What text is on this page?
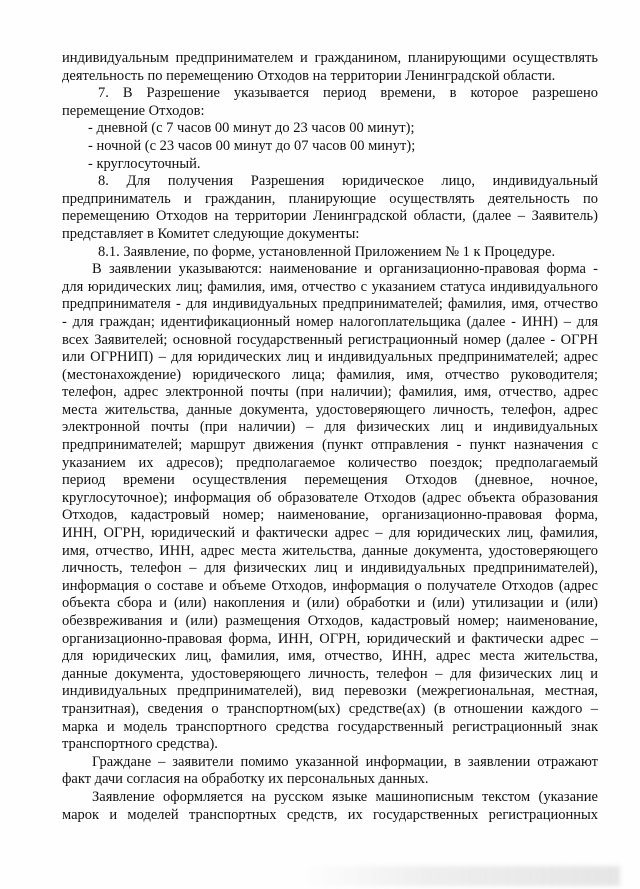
индивидуальным предпринимателем и гражданином, планирующими осуществлять
деятельность по перемещению Отходов на территории Ленинградской области.
7. В Разрешение указывается период времени, в которое разрешено
перемещение Отходов:
- дневной (с 7 часов 00 минут до 23 часов 00 минут);
- ночной (с 23 часов 00 минут до 07 часов 00 минут);
- круглосуточный.
8. Для получения Разрешения юридическое лицо, индивидуальный
предприниматель и гражданин, планирующие осуществлять деятельность по
перемещению Отходов на территории Ленинградской области, (далее – Заявитель)
представляет в Комитет следующие документы:
8.1. Заявление, по форме, установленной Приложением № 1 к Процедуре.
В заявлении указываются: наименование и организационно-правовая форма -
для юридических лиц; фамилия, имя, отчество с указанием статуса индивидуального
предпринимателя - для индивидуальных предпринимателей; фамилия, имя, отчество
- для граждан; идентификационный номер налогоплательщика (далее - ИНН) – для
всех Заявителей; основной государственный регистрационный номер (далее - ОГРН
или ОГРНИП) – для юридических лиц и индивидуальных предпринимателей; адрес
(местонахождение) юридического лица; фамилия, имя, отчество руководителя;
телефон, адрес электронной почты (при наличии); фамилия, имя, отчество, адрес
места жительства, данные документа, удостоверяющего личность, телефон, адрес
электронной почты (при наличии) – для физических лиц и индивидуальных
предпринимателей; маршрут движения (пункт отправления - пункт назначения с
указанием их адресов); предполагаемое количество поездок; предполагаемый
период времени осуществления перемещения Отходов (дневное, ночное,
круглосуточное); информация об образователе Отходов (адрес объекта образования
Отходов, кадастровый номер; наименование, организационно-правовая форма,
ИНН, ОГРН, юридический и фактически адрес – для юридических лиц, фамилия,
имя, отчество, ИНН, адрес места жительства, данные документа, удостоверяющего
личность, телефон – для физических лиц и индивидуальных предпринимателей),
информация о составе и объеме Отходов, информация о получателе Отходов (адрес
объекта сбора и (или) накопления и (или) обработки и (или) утилизации и (или)
обезвреживания и (или) размещения Отходов, кадастровый номер; наименование,
организационно-правовая форма, ИНН, ОГРН, юридический и фактически адрес –
для юридических лиц, фамилия, имя, отчество, ИНН, адрес места жительства,
данные документа, удостоверяющего личность, телефон – для физических лиц и
индивидуальных предпринимателей), вид перевозки (межрегиональная, местная,
транзитная), сведения о транспортном(ых) средстве(ах) (в отношении каждого –
марка и модель транспортного средства государственный регистрационный знак
транспортного средства).
Граждане – заявители помимо указанной информации, в заявлении отражают
факт дачи согласия на обработку их персональных данных.
Заявление оформляется на русском языке машинописным текстом (указание
марок и моделей транспортных средств, их государственных регистрационных
